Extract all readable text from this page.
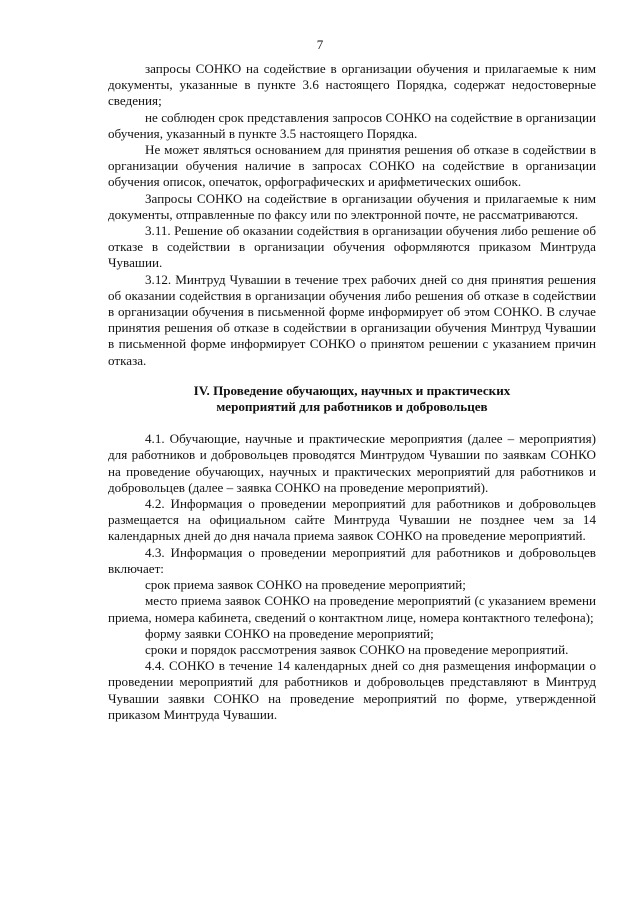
7

запросы СОНКО на содействие в организации обучения и прилагаемые к ним документы, указанные в пункте 3.6 настоящего Порядка, содержат недостоверные сведения;

не соблюден срок представления запросов СОНКО на содействие в организации обучения, указанный в пункте 3.5 настоящего Порядка.

Не может являться основанием для принятия решения об отказе в содействии в организации обучения наличие в запросах СОНКО на содействие в организации обучения описок, опечаток, орфографических и арифметических ошибок.

Запросы СОНКО на содействие в организации обучения и прилагаемые к ним документы, отправленные по факсу или по электронной почте, не рассматриваются.

3.11. Решение об оказании содействия в организации обучения либо решение об отказе в содействии в организации обучения оформляются приказом Минтруда Чувашии.

3.12. Минтруд Чувашии в течение трех рабочих дней со дня принятия решения об оказании содействия в организации обучения либо решения об отказе в содействии в организации обучения в письменной форме информирует об этом СОНКО. В случае принятия решения об отказе в содействии в организации обучения Минтруд Чувашии в письменной форме информирует СОНКО о принятом решении с указанием причин отказа.

IV. Проведение обучающих, научных и практических
мероприятий для работников и добровольцев

4.1. Обучающие, научные и практические мероприятия (далее – мероприятия) для работников и добровольцев проводятся Минтрудом Чувашии по заявкам СОНКО на проведение обучающих, научных и практических мероприятий для работников и добровольцев (далее – заявка СОНКО на проведение мероприятий).

4.2. Информация о проведении мероприятий для работников и добровольцев размещается на официальном сайте Минтруда Чувашии не позднее чем за 14 календарных дней до дня начала приема заявок СОНКО на проведение мероприятий.

4.3. Информация о проведении мероприятий для работников и добровольцев включает:

срок приема заявок СОНКО на проведение мероприятий;

место приема заявок СОНКО на проведение мероприятий (с указанием времени приема, номера кабинета, сведений о контактном лице, номера контактного телефона);

форму заявки СОНКО на проведение мероприятий;

сроки и порядок рассмотрения заявок СОНКО на проведение мероприятий.

4.4. СОНКО в течение 14 календарных дней со дня размещения информации о проведении мероприятий для работников и добровольцев представляют в Минтруд Чувашии заявки СОНКО на проведение мероприятий по форме, утвержденной приказом Минтруда Чувашии.
